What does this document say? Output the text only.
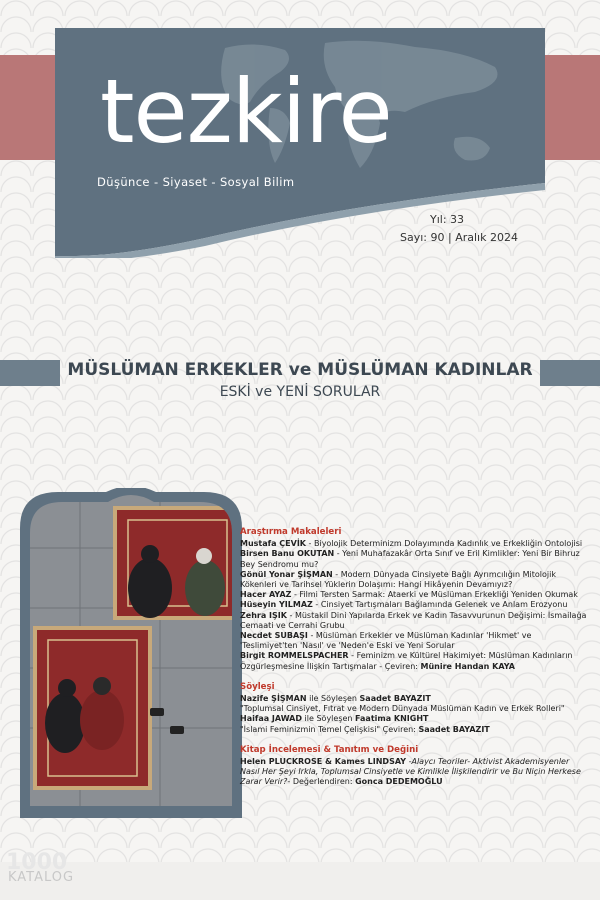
tezkire
Düşünce - Siyaset - Sosyal Bilim
Yıl: 33
Sayı: 90 | Aralık 2024
MÜSLÜMAN ERKEKLER ve MÜSLÜMAN KADINLAR
ESKİ ve YENİ SORULAR
Araştırma Makaleleri
Mustafa ÇEVİK - Biyolojik Determinizm Dolayımında Kadınlık ve Erkekliğin Ontolojisi
Birsen Banu OKUTAN - Yeni Muhafazakâr Orta Sınıf ve Eril Kimlikler: Yeni Bir Bihruz Bey Sendromu mu?
Gönül Yonar ŞİŞMAN - Modern Dünyada Cinsiyete Bağlı Ayrımcılığın Mitolojik Kökenleri ve Tarihsel Yüklerin Dolaşımı: Hangi Hikâyenin Devamıyız?
Hacer AYAZ - Filmi Tersten Sarmak: Ataerki ve Müslüman Erkekliği Yeniden Okumak
Hüseyin YILMAZ - Cinsiyet Tartışmaları Bağlamında Gelenek ve Anlam Erozyonu
Zehra IŞIK - Müstakil Dini Yapılarda Erkek ve Kadın Tasavvurunun Değişimi: İsmailağa Cemaati ve Cerrahi Grubu
Necdet SUBAŞI - Müslüman Erkekler ve Müslüman Kadınlar 'Hikmet' ve 'Teslimiyet'ten 'Nasıl' ve 'Neden'e Eski ve Yeni Sorular
Birgit ROMMELSPACHER - Feminizm ve Kültürel Hakimiyet: Müslüman Kadınların Özgürleşmesine İlişkin Tartışmalar - Çeviren: Münire Handan KAYA
Söyleşi
Nazife ŞİŞMAN ile Söyleşen Saadet BAYAZIT
"Toplumsal Cinsiyet, Fıtrat ve Modern Dünyada Müslüman Kadın ve Erkek Rolleri"
Haifaa JAWAD ile Söyleşen Faatima KNIGHT
"İslami Feminizmin Temel Çelişkisi" Çeviren: Saadet BAYAZIT
Kitap İncelemesi & Tanıtım ve Değini
Helen PLUCKROSE & Kames LINDSAY -Alaycı Teoriler- Aktivist Akademisyenler Nasıl Her Şeyi Irkla, Toplumsal Cinsiyetle ve Kimlikle İlişkilendirir ve Bu Niçin Herkese Zarar Verir?- Değerlendiren: Gonca DEDEMOĞLU
1000
KATALOG
